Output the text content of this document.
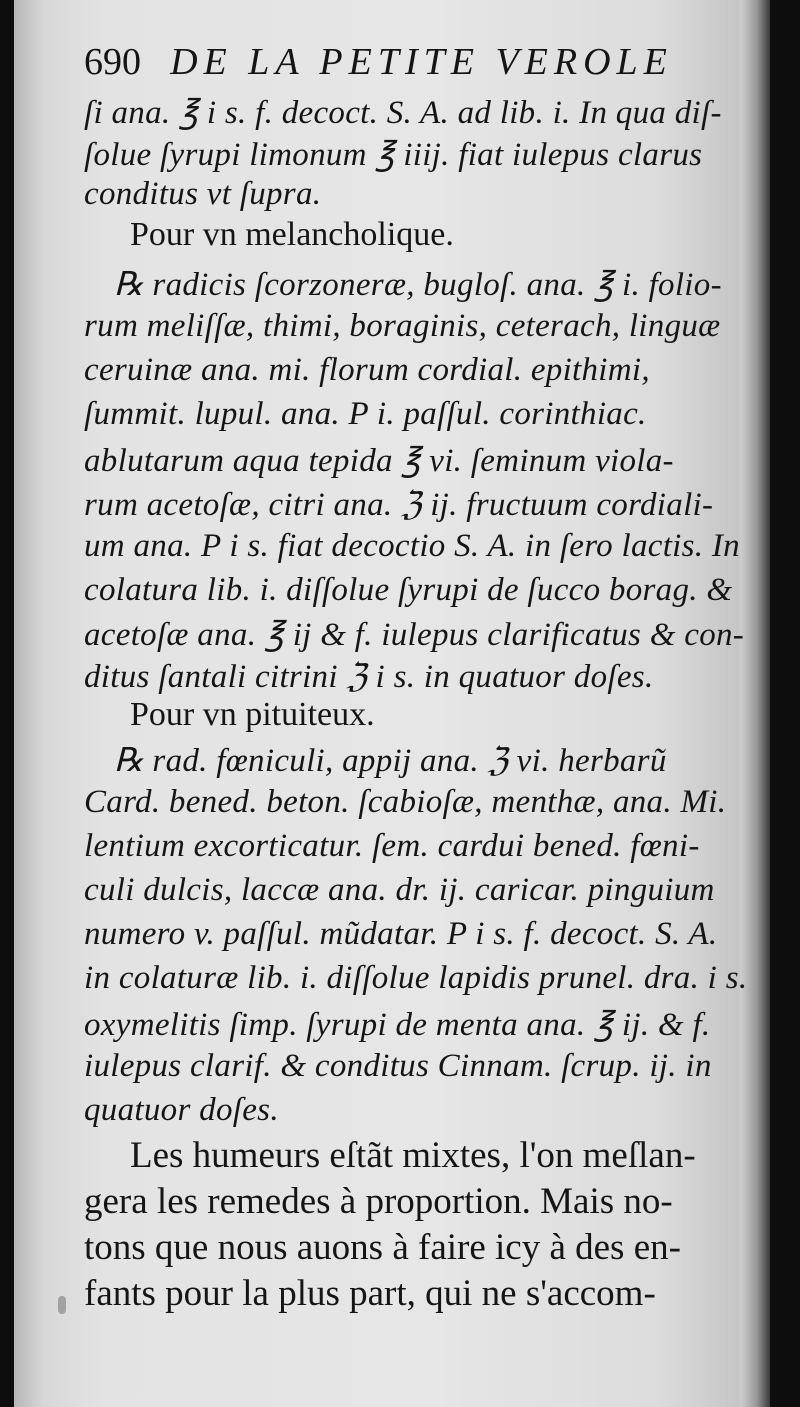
690 DE LA PETITE VEROLE
ſi ana. ℥ i s. f. decoct. S. A. ad lib. i. In qua diſ-
ſolue ſyrupi limonum ℥ iiij. fiat iulepus clarus
conditus vt ſupra.
Pour vn melancholique.
℞ radicis ſcorzoneræ, bugloſ. ana. ℥ i. folio-
rum meliſſæ, thimi, boraginis, ceterach, linguæ
ceruinæ ana. mi. florum cordial. epithimi,
ſummit. lupul. ana. P i. paſſul. corinthiac.
ablutarum aqua tepida ℥ vi. ſeminum viola-
rum acetoſæ, citri ana. ℨ ij. fructuum cordiali-
um ana. P i s. fiat decoctio S. A. in ſero lactis. In
colatura lib. i. diſſolue ſyrupi de ſucco borag. &
acetoſæ ana. ℥ ij & f. iulepus clarificatus & con-
ditus ſantali citrini ℨ i s. in quatuor doſes.
Pour vn pituiteux.
℞ rad. fœniculi, appij ana. ℨ vi. herbarũ
Card. bened. beton. ſcabioſæ, menthæ, ana. Mi.
lentium excorticatur. ſem. cardui bened. fœni-
culi dulcis, laccæ ana. dr. ij. caricar. pinguium
numero v. paſſul. mũdatar. P i s. f. decoct. S. A.
in colaturæ lib. i. diſſolue lapidis prunel. dra. i s.
oxymelitis ſimp. ſyrupi de menta ana. ℥ ij. & f.
iulepus clarif. & conditus Cinnam. ſcrup. ij. in
quatuor doſes.
Les humeurs eſtãt mixtes, l'on meſlan-
gera les remedes à proportion. Mais no-
tons que nous auons à faire icy à des en-
fants pour la plus part, qui ne s'accom-
